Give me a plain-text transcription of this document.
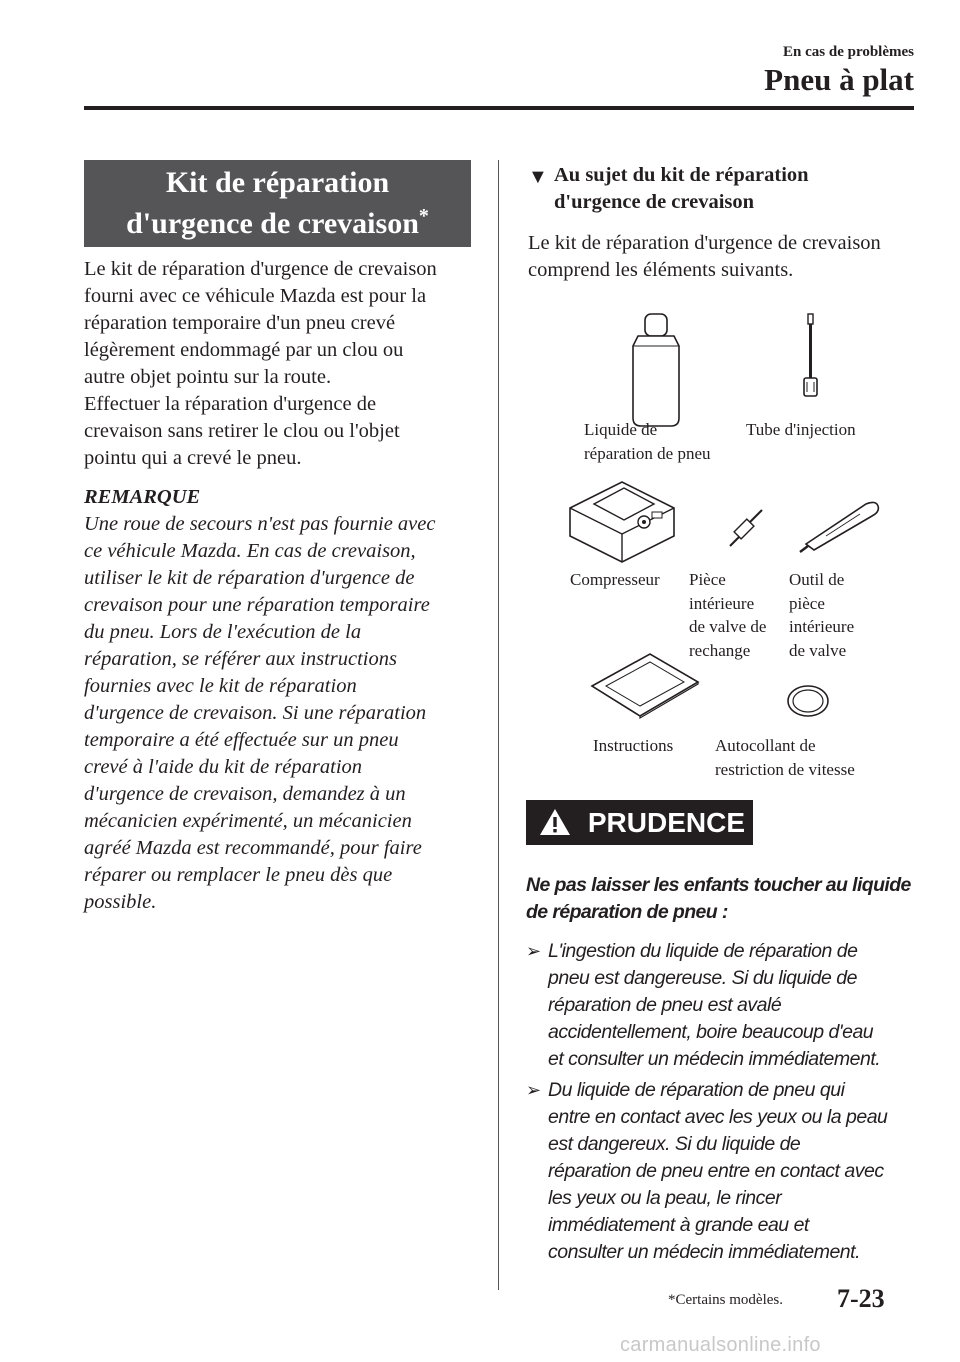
En cas de problèmes
Pneu à plat
Kit de réparation
d'urgence de crevaison*

Le kit de réparation d'urgence de crevaison

fourni avec ce véhicule Mazda est pour la

réparation temporaire d'un pneu crevé

légèrement endommagé par un clou ou

autre objet pointu sur la route.

Effectuer la réparation d'urgence de

crevaison sans retirer le clou ou l'objet

pointu qui a crevé le pneu.

REMARQUE
Une roue de secours n'est pas fournie avec
ce véhicule Mazda. En cas de crevaison,
utiliser le kit de réparation d'urgence de
crevaison pour une réparation temporaire
du pneu. Lors de l'exécution de la
réparation, se référer aux instructions
fournies avec le kit de réparation
d'urgence de crevaison. Si une réparation
temporaire a été effectuée sur un pneu
crevé à l'aide du kit de réparation
d'urgence de crevaison, demandez à un
mécanicien expérimenté, un mécanicien
agréé Mazda est recommandé, pour faire
réparer ou remplacer le pneu dès que
possible.
▼ Au sujet du kit de réparation
d'urgence de crevaison
Le kit de réparation d'urgence de crevaison
comprend les éléments suivants.
Liquide de
réparation de pneu
Tube d'injection
Compresseur Pièce
intérieure
de valve de
rechange
Outil de
pièce
intérieure
de valve
Instructions Autocollant de
restriction de vitesse
PRUDENCE
Ne pas laisser les enfants toucher au liquide
de réparation de pneu :
➢ L'ingestion du liquide de réparation de
pneu est dangereuse. Si du liquide de
réparation de pneu est avalé
accidentellement, boire beaucoup d'eau
et consulter un médecin immédiatement.
➢ Du liquide de réparation de pneu qui
entre en contact avec les yeux ou la peau
est dangereux. Si du liquide de
réparation de pneu entre en contact avec
les yeux ou la peau, le rincer
immédiatement à grande eau et
consulter un médecin immédiatement.
*Certains modèles. 7-23
carmanualsonline.info
